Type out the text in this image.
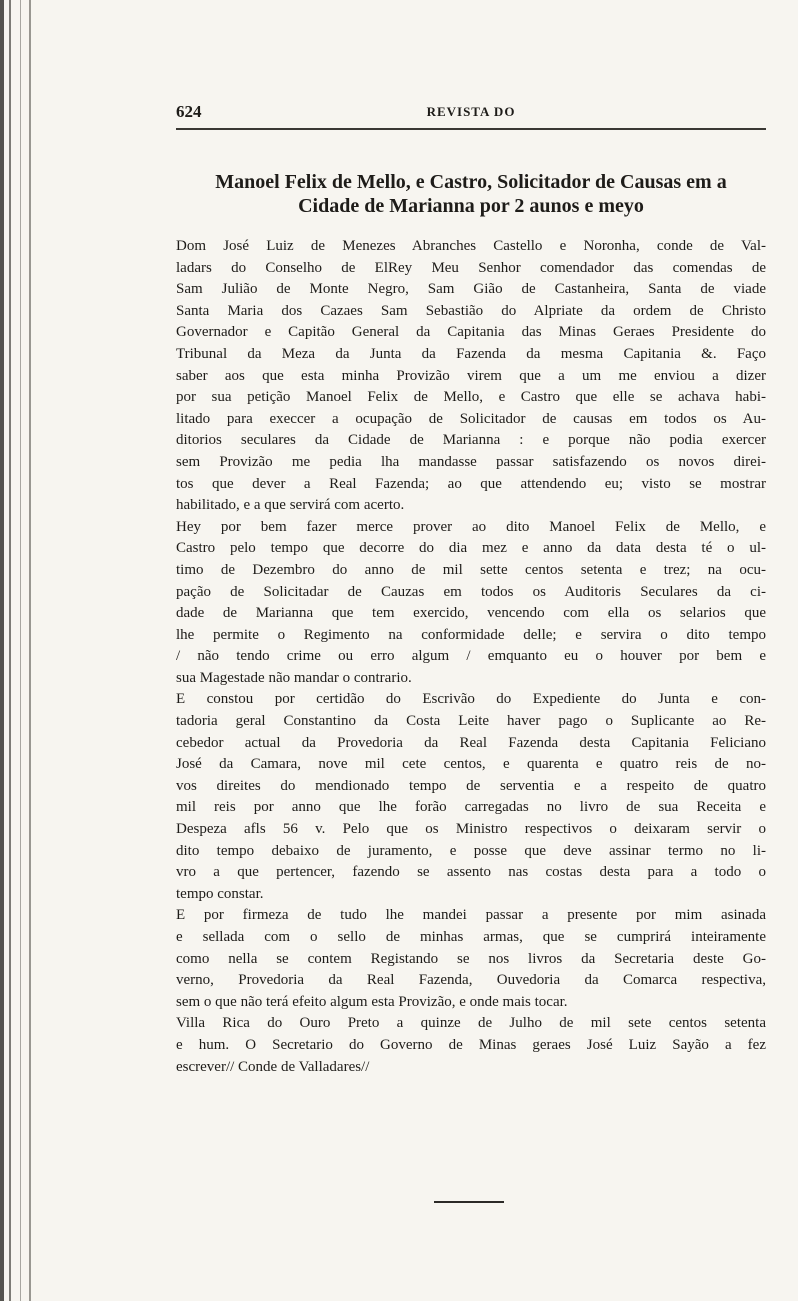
624	REVISTA DO
Manoel Felix de Mello, e Castro, Solicitador de Causas em a
Cidade de Marianna por 2 aunos e meyo

Dom José Luiz de Menezes Abranches Castello e Noronha, conde de Val-

ladars do Conselho de ElRey Meu Senhor comendador das comendas de

Sam Julião de Monte Negro, Sam Gião de Castanheira, Santa de viade

Santa Maria dos Cazaes Sam Sebastião do Alpriate da ordem de Christo

Governador e Capitão General da Capitania das Minas Geraes Presidente do

Tribunal da Meza da Junta da Fazenda da mesma Capitania &. Faço

saber aos que esta minha Provizão virem que a um me enviou a dizer

por sua petição Manoel Felix de Mello, e Castro que elle se achava habi-

litado para execcer a ocupação de Solicitador de causas em todos os Au-

ditorios seculares da Cidade de Marianna : e porque não podia exercer

sem Provizão me pedia lha mandasse passar satisfazendo os novos direi-

tos que dever a Real Fazenda; ao que attendendo eu; visto se mostrar

habilitado, e a que servirá com acerto.

Hey por bem fazer merce prover ao dito Manoel Felix de Mello, e

Castro pelo tempo que decorre do dia mez e anno da data desta té o ul-

timo de Dezembro do anno de mil sette centos setenta e trez; na ocu-

pação de Solicitadar de Cauzas em todos os Auditoris Seculares da ci-

dade de Marianna que tem exercido, vencendo com ella os selarios que

lhe permite o Regimento na conformidade delle; e servira o dito tempo

/ não tendo crime ou erro algum / emquanto eu o houver por bem e

sua Magestade não mandar o contrario.

E constou por certidão do Escrivão do Expediente do Junta e con-

tadoria geral Constantino da Costa Leite haver pago o Suplicante ao Re-

cebedor actual da Provedoria da Real Fazenda desta Capitania Feliciano

José da Camara, nove mil cete centos, e quarenta e quatro reis de no-

vos direites do mendionado tempo de serventia e a respeito de quatro

mil reis por anno que lhe forão carregadas no livro de sua Receita e

Despeza afls 56 v. Pelo que os Ministro respectivos o deixaram servir o

dito tempo debaixo de juramento, e posse que deve assinar termo no li-

vro a que pertencer, fazendo se assento nas costas desta para a todo o

tempo constar.

E por firmeza de tudo lhe mandei passar a presente por mim asinada

e sellada com o sello de minhas armas, que se cumprirá inteiramente

como nella se contem Registando se nos livros da Secretaria deste Go-

verno, Provedoria da Real Fazenda, Ouvedoria da Comarca respectiva,

sem o que não terá efeito algum esta Provizão, e onde mais tocar.

Villa Rica do Ouro Preto a quinze de Julho de mil sete centos setenta

e hum. O Secretario do Governo de Minas geraes José Luiz Sayão a fez

escrever// Conde de Valladares//
